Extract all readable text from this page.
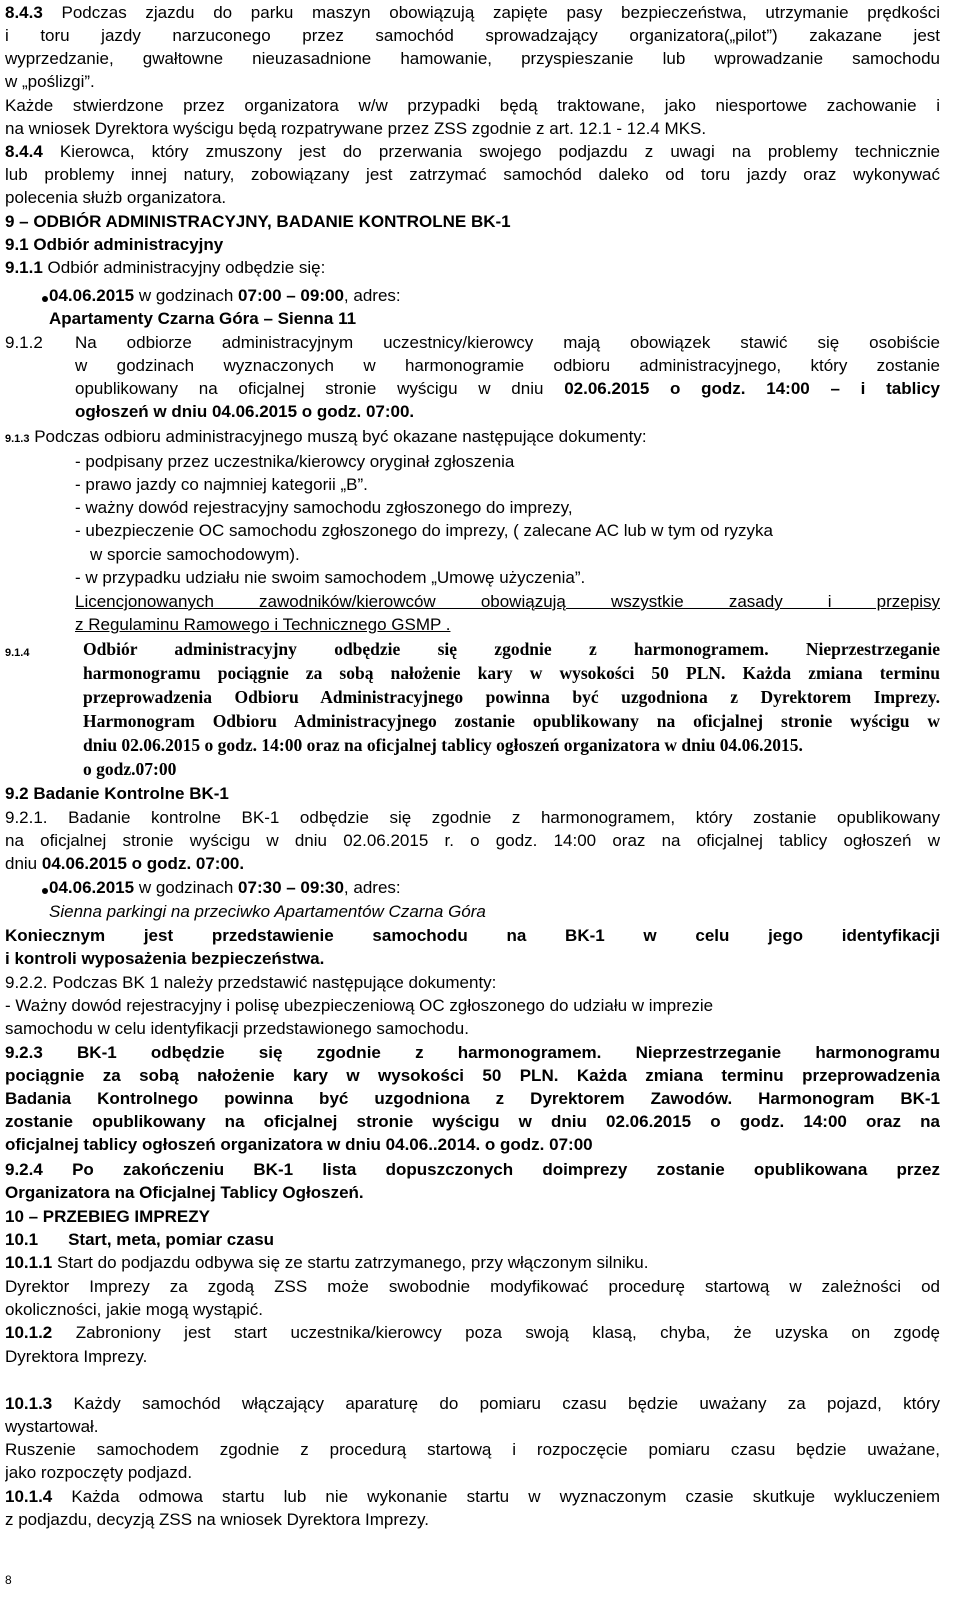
8.4.3 Podczas zjazdu do parku maszyn obowiązują zapięte pasy bezpieczeństwa, utrzymanie prędkości
i toru jazdy narzuconego przez samochód sprowadzający organizatora(„pilot”) zakazane jest
wyprzedzanie, gwałtowne nieuzasadnione hamowanie, przyspieszanie lub wprowadzanie samochodu
w „poślizgi”.
Każde stwierdzone przez organizatora w/w przypadki będą traktowane, jako niesportowe zachowanie i
na wniosek Dyrektora wyścigu będą rozpatrywane przez ZSS zgodnie z art. 12.1 - 12.4 MKS.
8.4.4 Kierowca, który zmuszony jest do przerwania swojego podjazdu z uwagi na problemy technicznie
lub problemy innej natury, zobowiązany jest zatrzymać samochód daleko od toru jazdy oraz wykonywać
polecenia służb organizatora.
9 – ODBIÓR ADMINISTRACYJNY, BADANIE KONTROLNE BK-1
9.1 Odbiór administracyjny
9.1.1 Odbiór administracyjny odbędzie się:
04.06.2015 w godzinach 07:00 – 09:00, adres:
Apartamenty Czarna Góra – Sienna 11
9.1.2	Na odbiorze administracyjnym uczestnicy/kierowcy mają obowiązek stawić się osobiście
w godzinach wyznaczonych w harmonogramie odbioru administracyjnego, który zostanie
opublikowany na oficjalnej stronie wyścigu w dniu 02.06.2015 o godz. 14:00 – i tablicy
ogłoszeń w dniu 04.06.2015 o godz. 07:00.
9.1.3 Podczas odbioru administracyjnego muszą być okazane następujące dokumenty:
- podpisany przez uczestnika/kierowcy oryginał zgłoszenia
- prawo jazdy co najmniej kategorii „B”.
- ważny dowód rejestracyjny samochodu zgłoszonego do imprezy,
- ubezpieczenie OC samochodu zgłoszonego do imprezy, ( zalecane AC lub w tym od ryzyka
w sporcie samochodowym).
- w przypadku udziału nie swoim samochodem „Umowę użyczenia”.
Licencjonowanych zawodników/kierowców obowiązują wszystkie zasady i przepisy
z Regulaminu Ramowego i Technicznego GSMP .
9.1.4	Odbiór administracyjny odbędzie się zgodnie z harmonogramem. Nieprzestrzeganie
harmonogramu pociągnie za sobą nałożenie kary w wysokości 50 PLN. Każda zmiana terminu
przeprowadzenia Odbioru Administracyjnego powinna być uzgodniona z Dyrektorem Imprezy.
Harmonogram Odbioru Administracyjnego zostanie opublikowany na oficjalnej stronie wyścigu w
dniu 02.06.2015 o godz. 14:00 oraz na oficjalnej tablicy ogłoszeń organizatora w dniu 04.06.2015.
o godz.07:00
9.2 Badanie Kontrolne BK-1
9.2.1. Badanie kontrolne BK-1 odbędzie się zgodnie z harmonogramem, który zostanie opublikowany
na oficjalnej stronie wyścigu w dniu 02.06.2015 r. o godz. 14:00 oraz na oficjalnej tablicy ogłoszeń w
dniu 04.06.2015 o godz. 07:00.
04.06.2015 w godzinach 07:30 – 09:30, adres:
Sienna parkingi na przeciwko Apartamentów Czarna Góra
Koniecznym jest przedstawienie samochodu na BK-1 w celu jego identyfikacji
i kontroli wyposażenia bezpieczeństwa.
9.2.2. Podczas BK 1 należy przedstawić następujące dokumenty:
- Ważny dowód rejestracyjny i polisę ubezpieczeniową OC zgłoszonego do udziału w imprezie
samochodu w celu identyfikacji przedstawionego samochodu.
9.2.3 BK-1 odbędzie się zgodnie z harmonogramem. Nieprzestrzeganie harmonogramu
pociągnie za sobą nałożenie kary w wysokości 50 PLN. Każda zmiana terminu przeprowadzenia
Badania Kontrolnego powinna być uzgodniona z Dyrektorem Zawodów. Harmonogram BK-1
zostanie opublikowany na oficjalnej stronie wyścigu w dniu 02.06.2015 o godz. 14:00 oraz na
oficjalnej tablicy ogłoszeń organizatora w dniu 04.06..2014. o godz. 07:00
9.2.4 Po zakończeniu BK-1 lista dopuszczonych doimprezy zostanie opublikowana przez
Organizatora na Oficjalnej Tablicy Ogłoszeń.
10 – PRZEBIEG IMPREZY
10.1 Start, meta, pomiar czasu
10.1.1 Start do podjazdu odbywa się ze startu zatrzymanego, przy włączonym silniku.
Dyrektor Imprezy za zgodą ZSS może swobodnie modyfikować procedurę startową w zależności od
okoliczności, jakie mogą wystąpić.
10.1.2 Zabroniony jest start uczestnika/kierowcy poza swoją klasą, chyba, że uzyska on zgodę
Dyrektora Imprezy.
10.1.3 Każdy samochód włączający aparaturę do pomiaru czasu będzie uważany za pojazd, który
wystartował.
Ruszenie samochodem zgodnie z procedurą startową i rozpoczęcie pomiaru czasu będzie uważane,
jako rozpoczęty podjazd.
10.1.4 Każda odmowa startu lub nie wykonanie startu w wyznaczonym czasie skutkuje wykluczeniem
z podjazdu, decyzją ZSS na wniosek Dyrektora Imprezy.
8
